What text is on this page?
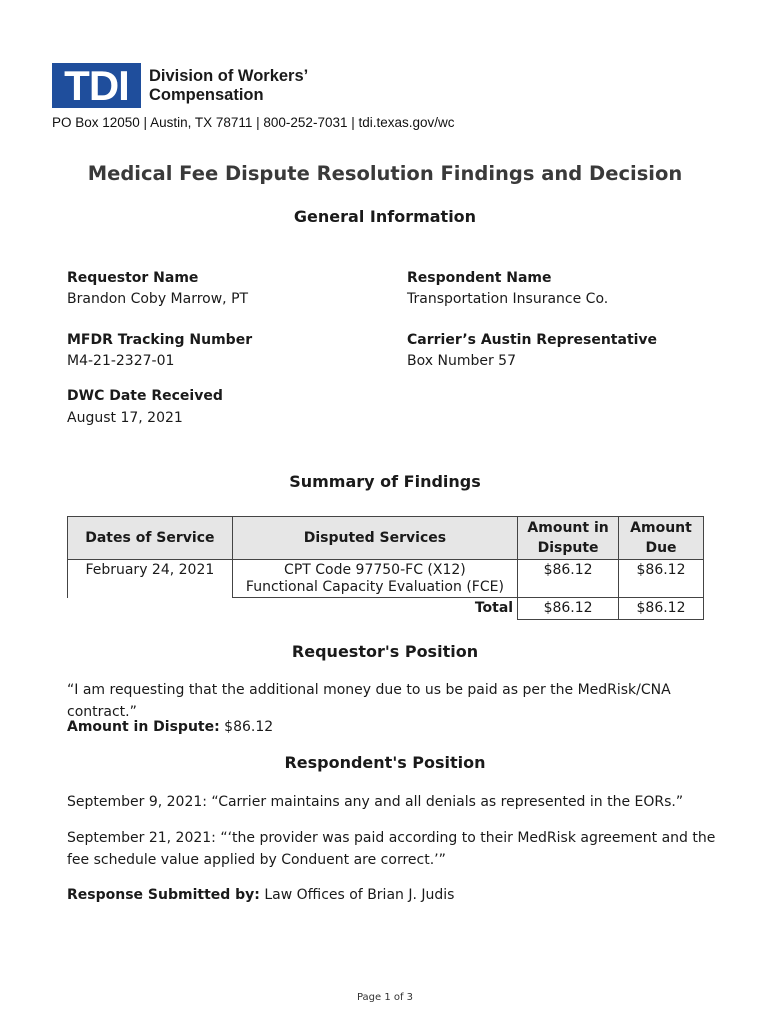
TDI	Division of Workers’
Compensation
PO Box 12050 | Austin, TX 78711 | 800-252-7031 | tdi.texas.gov/wc
Medical Fee Dispute Resolution Findings and Decision
General Information
Requestor Name
Brandon Coby Marrow, PT
Respondent Name
Transportation Insurance Co.
MFDR Tracking Number
M4-21-2327-01
Carrier’s Austin Representative
Box Number 57
DWC Date Received
August 17, 2021
Summary of Findings
Dates of Service	Disputed Services	Amount in Dispute	Amount Due
February 24, 2021	CPT Code 97750-FC (X12)
Functional Capacity Evaluation (FCE)	$86.12	$86.12
	Total	$86.12	$86.12
Requestor's Position
“I am requesting that the additional money due to us be paid as per the MedRisk/CNA contract.”
Amount in Dispute: $86.12
Respondent's Position
September 9, 2021: “Carrier maintains any and all denials as represented in the EORs.”
September 21, 2021: “‘the provider was paid according to their MedRisk agreement and the
fee schedule value applied by Conduent are correct.’”
Response Submitted by: Law Offices of Brian J. Judis
Page 1 of 3
